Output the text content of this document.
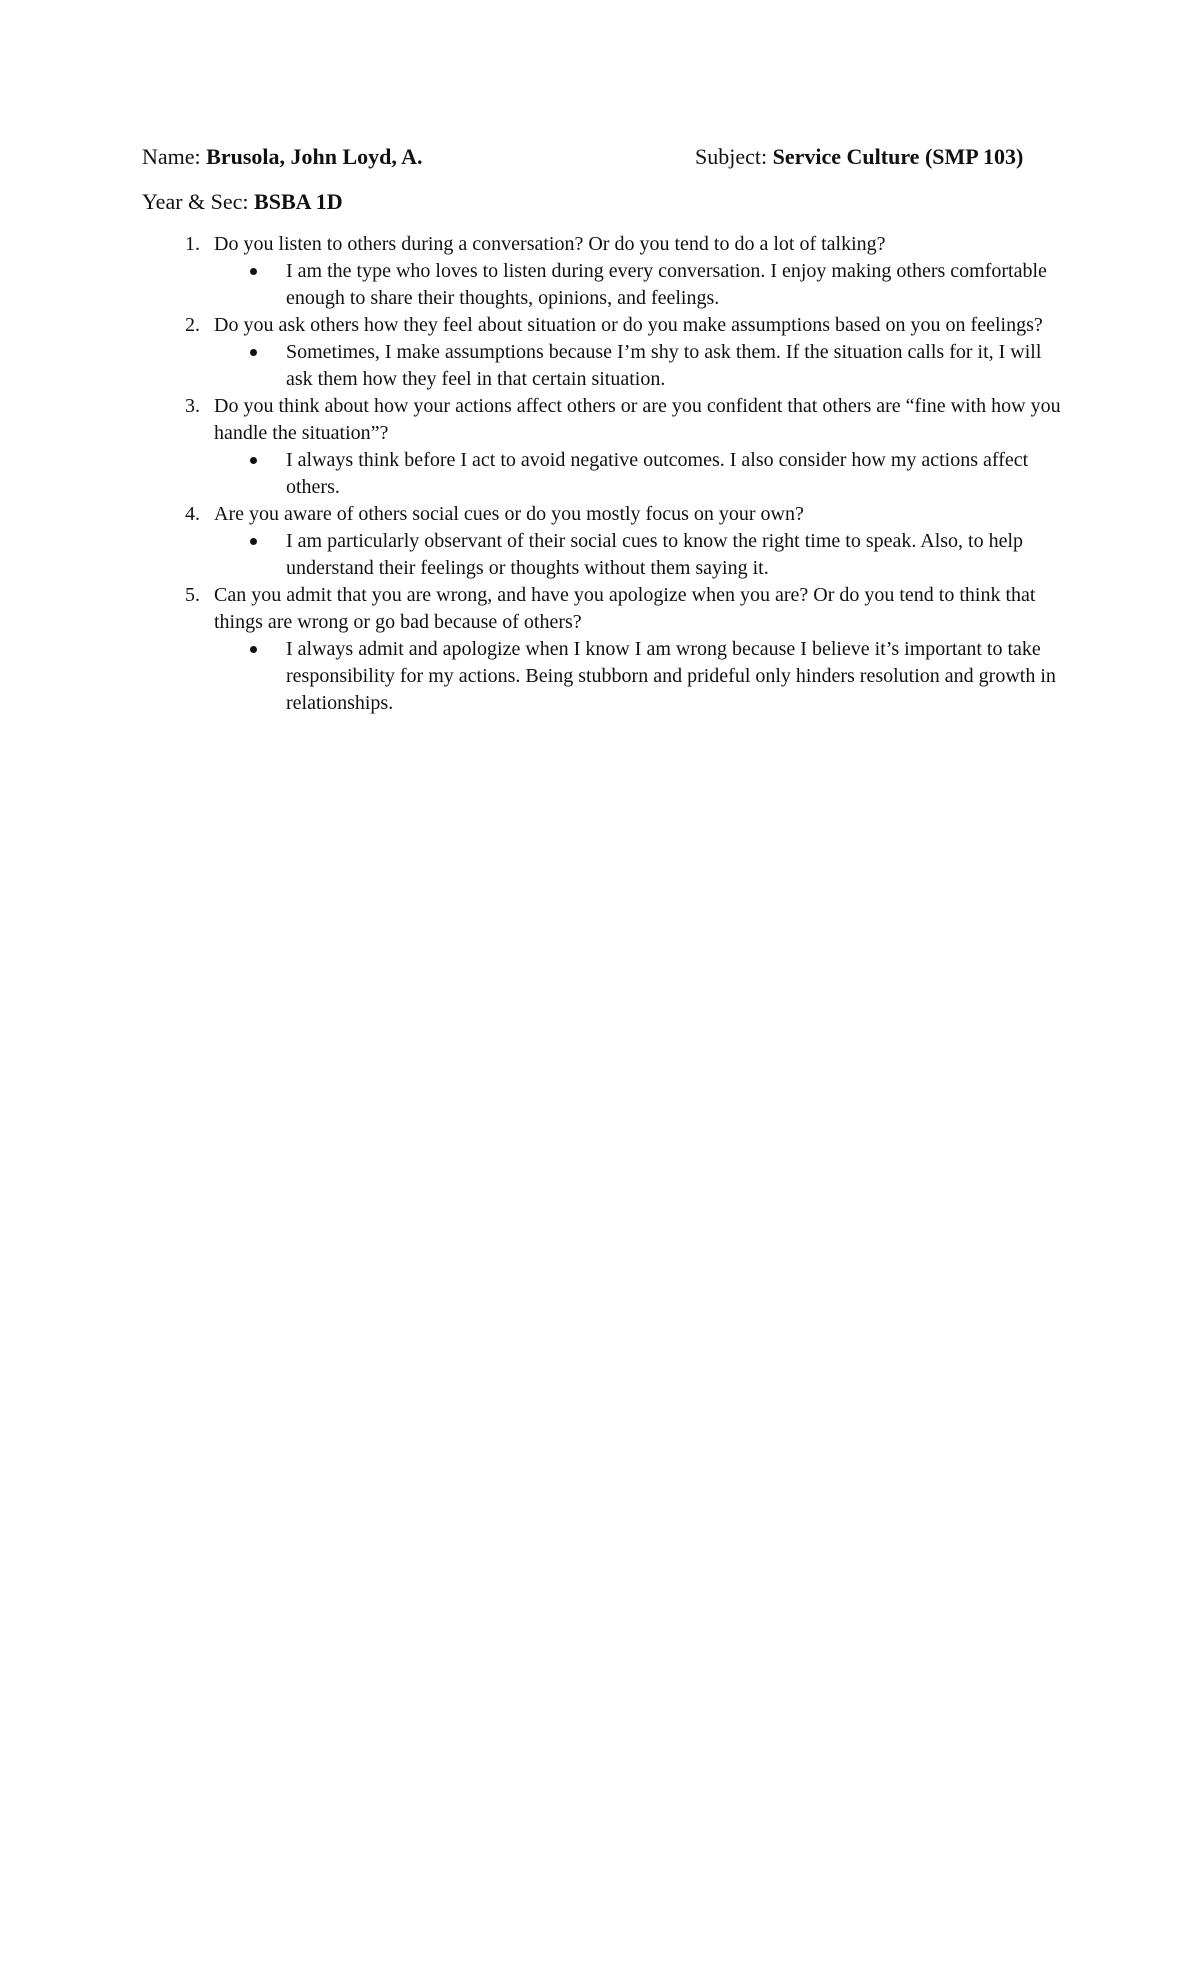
Name: Brusola, John Loyd, A.	Subject: Service Culture (SMP 103)
Year & Sec: BSBA 1D
1. Do you listen to others during a conversation? Or do you tend to do a lot of talking?
I am the type who loves to listen during every conversation. I enjoy making others comfortable enough to share their thoughts, opinions, and feelings.
2. Do you ask others how they feel about situation or do you make assumptions based on you on feelings?
Sometimes, I make assumptions because I’m shy to ask them. If the situation calls for it, I will ask them how they feel in that certain situation.
3. Do you think about how your actions affect others or are you confident that others are “fine with how you handle the situation”?
I always think before I act to avoid negative outcomes. I also consider how my actions affect others.
4. Are you aware of others social cues or do you mostly focus on your own?
I am particularly observant of their social cues to know the right time to speak. Also, to help understand their feelings or thoughts without them saying it.
5. Can you admit that you are wrong, and have you apologize when you are? Or do you tend to think that things are wrong or go bad because of others?
I always admit and apologize when I know I am wrong because I believe it’s important to take responsibility for my actions. Being stubborn and prideful only hinders resolution and growth in relationships.
